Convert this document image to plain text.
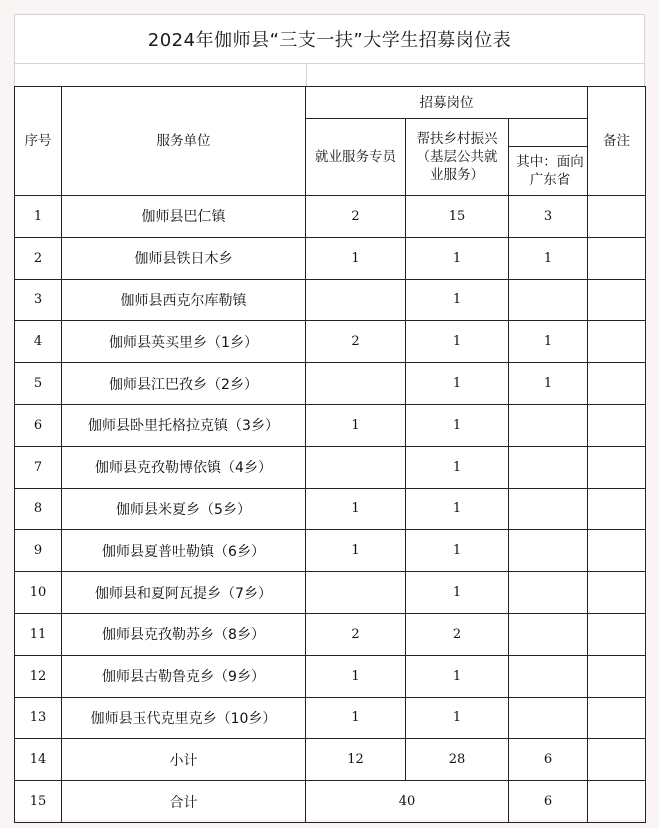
2024年伽师县“三支一扶”大学生招募岗位表
序号	服务单位	招募岗位			备注
		就业服务专员	帮扶乡村振兴（基层公共就业服务）		
				其中：面向广东省	
1	伽师县巴仁镇	2	15	3	
2	伽师县铁日木乡	1	1	1	
3	伽师县西克尔库勒镇		1		
4	伽师县英买里乡（1乡）	2	1	1	
5	伽师县江巴孜乡（2乡）		1	1	
6	伽师县卧里托格拉克镇（3乡）	1	1		
7	伽师县克孜勒博依镇（4乡）		1		
8	伽师县米夏乡（5乡）	1	1		
9	伽师县夏普吐勒镇（6乡）	1	1		
10	伽师县和夏阿瓦提乡（7乡）		1		
11	伽师县克孜勒苏乡（8乡）	2	2		
12	伽师县古勒鲁克乡（9乡）	1	1		
13	伽师县玉代克里克乡（10乡）	1	1		
14	小计	12	28	6	
15	合计	40		6	
